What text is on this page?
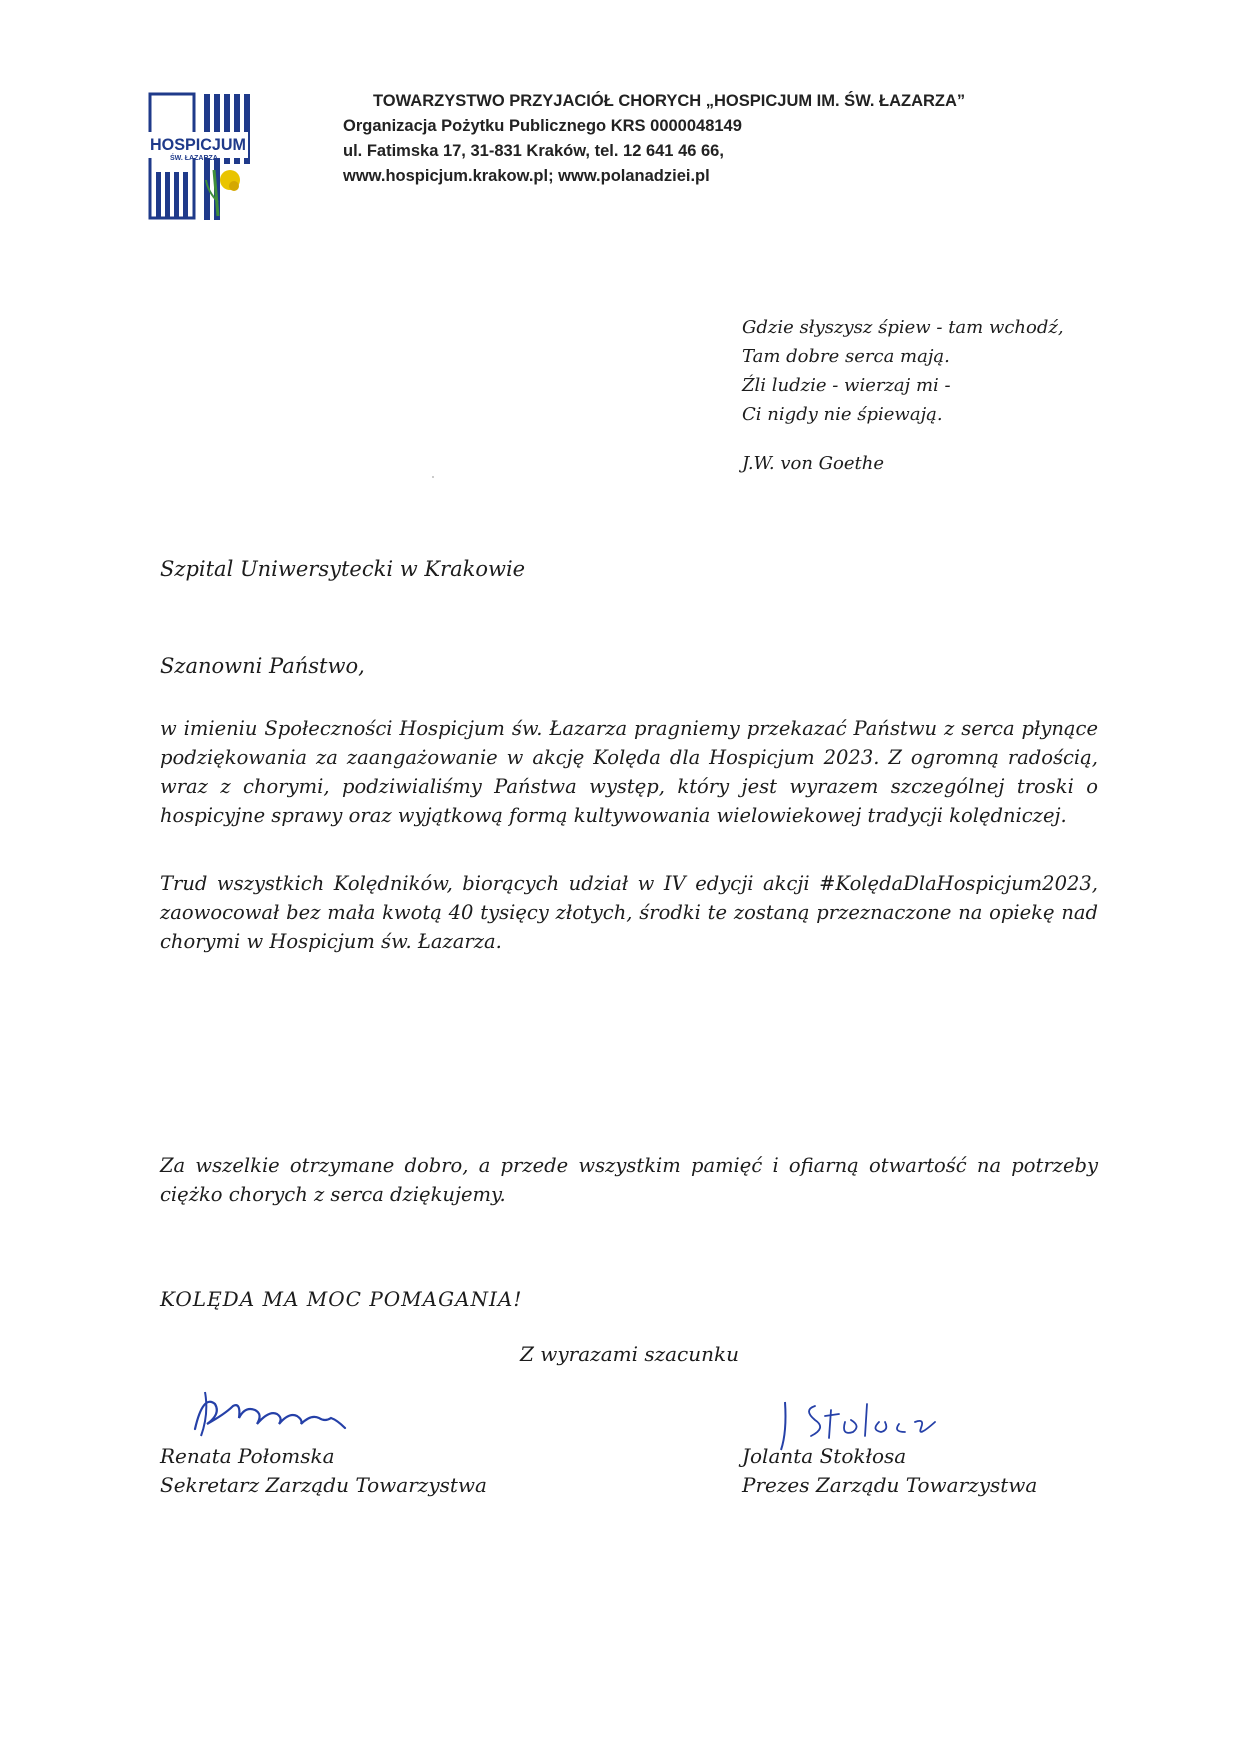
HOSPICJUM
ŚW. ŁAZARZA
TOWARZYSTWO PRZYJACIÓŁ CHORYCH „HOSPICJUM IM. ŚW. ŁAZARZA”
Organizacja Pożytku Publicznego KRS 0000048149
ul. Fatimska 17, 31-831 Kraków, tel. 12 641 46 66,
www.hospicjum.krakow.pl; www.polanadziei.pl
Gdzie słyszysz śpiew - tam wchodź,
Tam dobre serca mają.
Źli ludzie - wierzaj mi -
Ci nigdy nie śpiewają.
J.W. von Goethe
Szpital Uniwersytecki w Krakowie
Szanowni Państwo,
w imieniu Społeczności Hospicjum św. Łazarza pragniemy przekazać Państwu z serca płynące podziękowania za zaangażowanie w akcję Kolęda dla Hospicjum 2023. Z ogromną radością, wraz z chorymi, podziwialiśmy Państwa występ, który jest wyrazem szczególnej troski o hospicyjne sprawy oraz wyjątkową formą kultywowania wielowiekowej tradycji kolędniczej.
Trud wszystkich Kolędników, biorących udział w IV edycji akcji #KolędaDlaHospicjum2023, zaowocował bez mała kwotą 40 tysięcy złotych, środki te zostaną przeznaczone na opiekę nad chorymi w Hospicjum św. Łazarza.
Za wszelkie otrzymane dobro, a przede wszystkim pamięć i ofiarną otwartość na potrzeby ciężko chorych z serca dziękujemy.
KOLĘDA MA MOC POMAGANIA!
Z wyrazami szacunku
Renata Połomska
Sekretarz Zarządu Towarzystwa
Jolanta Stokłosa
Prezes Zarządu Towarzystwa
